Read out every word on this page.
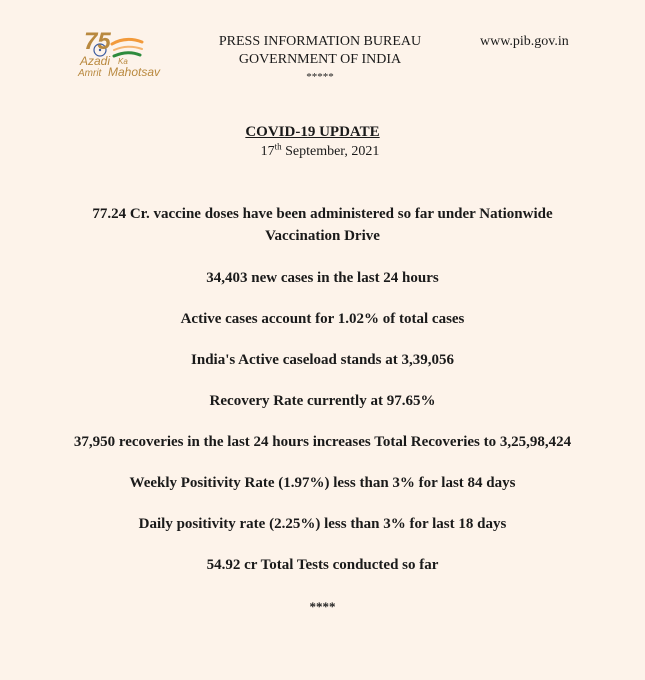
75
Azadi Ka
Amrit Mahotsav
PRESS INFORMATION BUREAU
GOVERNMENT OF INDIA
*****
www.pib.gov.in
COVID-19 UPDATE
17th September, 2021

77.24 Cr. vaccine doses have been administered so far under Nationwide Vaccination Drive

34,403 new cases in the last 24 hours

Active cases account for 1.02% of total cases

India's Active caseload stands at 3,39,056

Recovery Rate currently at 97.65%

37,950 recoveries in the last 24 hours increases Total Recoveries to 3,25,98,424

Weekly Positivity Rate (1.97%) less than 3% for last 84 days

Daily positivity rate (2.25%) less than 3% for last 18 days

54.92 cr Total Tests conducted so far

****
